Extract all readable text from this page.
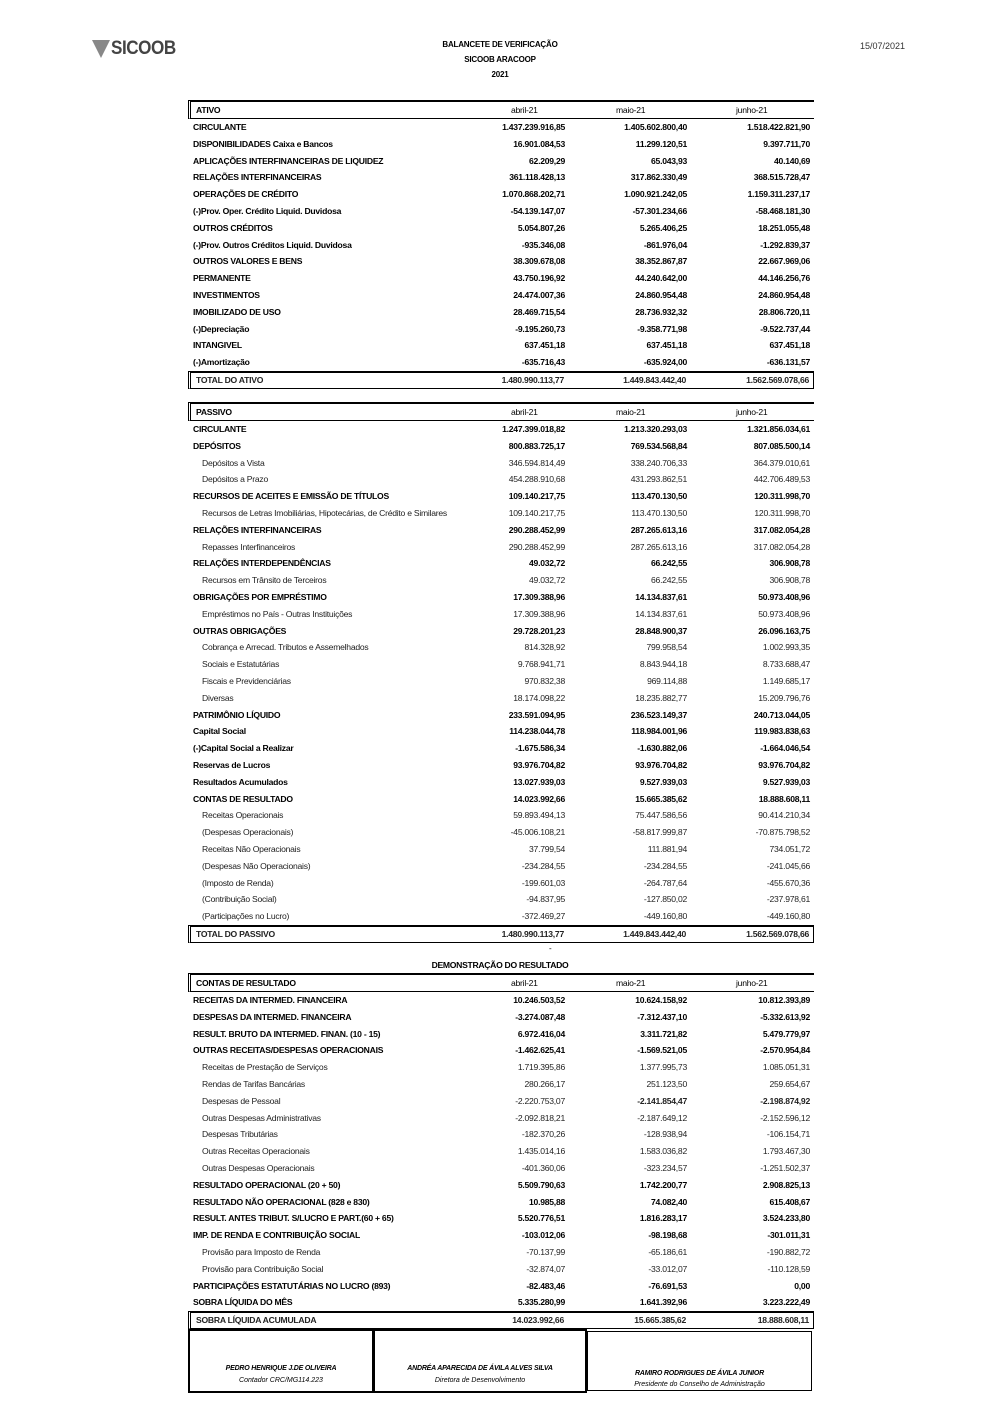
SICOOB	BALANCETE DE VERIFICAÇÃO
SICOOB ARACOOP
2021
15/07/2021
ATIVO	abril-21	maio-21	junho-21
CIRCULANTE	1.437.239.916,85	1.405.602.800,40	1.518.422.821,90
DISPONIBILIDADES Caixa e Bancos	16.901.084,53	11.299.120,51	9.397.711,70
APLICAÇÕES INTERFINANCEIRAS DE LIQUIDEZ	62.209,29	65.043,93	40.140,69
RELAÇÕES INTERFINANCEIRAS	361.118.428,13	317.862.330,49	368.515.728,47
OPERAÇÕES DE CRÉDITO	1.070.868.202,71	1.090.921.242,05	1.159.311.237,17
(-)Prov. Oper. Crédito Liquid. Duvidosa	-54.139.147,07	-57.301.234,66	-58.468.181,30
OUTROS CRÉDITOS	5.054.807,26	5.265.406,25	18.251.055,48
(-)Prov. Outros Créditos Liquid. Duvidosa	-935.346,08	-861.976,04	-1.292.839,37
OUTROS VALORES E BENS	38.309.678,08	38.352.867,87	22.667.969,06
PERMANENTE	43.750.196,92	44.240.642,00	44.146.256,76
INVESTIMENTOS	24.474.007,36	24.860.954,48	24.860.954,48
IMOBILIZADO DE USO	28.469.715,54	28.736.932,32	28.806.720,11
(-)Depreciação	-9.195.260,73	-9.358.771,98	-9.522.737,44
INTANGIVEL	637.451,18	637.451,18	637.451,18
(-)Amortização	-635.716,43	-635.924,00	-636.131,57
TOTAL DO ATIVO	1.480.990.113,77	1.449.843.442,40	1.562.569.078,66
PASSIVO	abril-21	maio-21	junho-21
CIRCULANTE	1.247.399.018,82	1.213.320.293,03	1.321.856.034,61
DEPÓSITOS	800.883.725,17	769.534.568,84	807.085.500,14
Depósitos a Vista	346.594.814,49	338.240.706,33	364.379.010,61
Depósitos a Prazo	454.288.910,68	431.293.862,51	442.706.489,53
RECURSOS DE ACEITES E EMISSÃO DE TÍTULOS	109.140.217,75	113.470.130,50	120.311.998,70
Recursos de Letras Imobiliárias, Hipotecárias, de Crédito e Similares	109.140.217,75	113.470.130,50	120.311.998,70
RELAÇÕES INTERFINANCEIRAS	290.288.452,99	287.265.613,16	317.082.054,28
Repasses Interfinanceiros	290.288.452,99	287.265.613,16	317.082.054,28
RELAÇÕES INTERDEPENDÊNCIAS	49.032,72	66.242,55	306.908,78
Recursos em Trânsito de Terceiros	49.032,72	66.242,55	306.908,78
OBRIGAÇÕES POR EMPRÉSTIMO	17.309.388,96	14.134.837,61	50.973.408,96
Empréstimos no País - Outras Instituições	17.309.388,96	14.134.837,61	50.973.408,96
OUTRAS OBRIGAÇÕES	29.728.201,23	28.848.900,37	26.096.163,75
Cobrança e Arrecad. Tributos e Assemelhados	814.328,92	799.958,54	1.002.993,35
Sociais e Estatutárias	9.768.941,71	8.843.944,18	8.733.688,47
Fiscais e Previdenciárias	970.832,38	969.114,88	1.149.685,17
Diversas	18.174.098,22	18.235.882,77	15.209.796,76
PATRIMÔNIO LÍQUIDO	233.591.094,95	236.523.149,37	240.713.044,05
Capital Social	114.238.044,78	118.984.001,96	119.983.838,63
(-)Capital Social a Realizar	-1.675.586,34	-1.630.882,06	-1.664.046,54
Reservas de Lucros	93.976.704,82	93.976.704,82	93.976.704,82
Resultados Acumulados	13.027.939,03	9.527.939,03	9.527.939,03
CONTAS DE RESULTADO	14.023.992,66	15.665.385,62	18.888.608,11
Receitas Operacionais	59.893.494,13	75.447.586,56	90.414.210,34
(Despesas Operacionais)	-45.006.108,21	-58.817.999,87	-70.875.798,52
Receitas Não Operacionais	37.799,54	111.881,94	734.051,72
(Despesas Não Operacionais)	-234.284,55	-234.284,55	-241.045,66
(Imposto de Renda)	-199.601,03	-264.787,64	-455.670,36
(Contribuição Social)	-94.837,95	-127.850,02	-237.978,61
(Participações no Lucro)	-372.469,27	-449.160,80	-449.160,80
TOTAL DO PASSIVO	1.480.990.113,77	1.449.843.442,40	1.562.569.078,66
-
DEMONSTRAÇÃO DO RESULTADO
CONTAS DE RESULTADO	abril-21	maio-21	junho-21
RECEITAS DA INTERMED. FINANCEIRA	10.246.503,52	10.624.158,92	10.812.393,89
DESPESAS DA INTERMED. FINANCEIRA	-3.274.087,48	-7.312.437,10	-5.332.613,92
RESULT. BRUTO DA INTERMED. FINAN. (10 - 15)	6.972.416,04	3.311.721,82	5.479.779,97
OUTRAS RECEITAS/DESPESAS OPERACIONAIS	-1.462.625,41	-1.569.521,05	-2.570.954,84
Receitas de Prestação de Serviços	1.719.395,86	1.377.995,73	1.085.051,31
Rendas de Tarifas Bancárias	280.266,17	251.123,50	259.654,67
Despesas de Pessoal	-2.220.753,07	-2.141.854,47	-2.198.874,92
Outras Despesas Administrativas	-2.092.818,21	-2.187.649,12	-2.152.596,12
Despesas Tributárias	-182.370,26	-128.938,94	-106.154,71
Outras Receitas Operacionais	1.435.014,16	1.583.036,82	1.793.467,30
Outras Despesas Operacionais	-401.360,06	-323.234,57	-1.251.502,37
RESULTADO OPERACIONAL (20 + 50)	5.509.790,63	1.742.200,77	2.908.825,13
RESULTADO NÃO OPERACIONAL (828 e 830)	10.985,88	74.082,40	615.408,67
RESULT. ANTES TRIBUT. S/LUCRO E PART.(60 + 65)	5.520.776,51	1.816.283,17	3.524.233,80
IMP. DE RENDA E CONTRIBUIÇÃO SOCIAL	-103.012,06	-98.198,68	-301.011,31
Provisão para Imposto de Renda	-70.137,99	-65.186,61	-190.882,72
Provisão para Contribuição Social	-32.874,07	-33.012,07	-110.128,59
PARTICIPAÇÕES ESTATUTÁRIAS NO LUCRO (893)	-82.483,46	-76.691,53	0,00
SOBRA LÍQUIDA DO MÊS	5.335.280,99	1.641.392,96	3.223.222,49
SOBRA LÍQUIDA ACUMULADA	14.023.992,66	15.665.385,62	18.888.608,11
PEDRO HENRIQUE J.DE OLIVEIRA
Contador CRC/MG114.223
ANDRÉA APARECIDA DE ÁVILA ALVES SILVA
Diretora de Desenvolvimento
RAMIRO RODRIGUES DE ÁVILA JUNIOR
Presidente do Conselho de Administração
